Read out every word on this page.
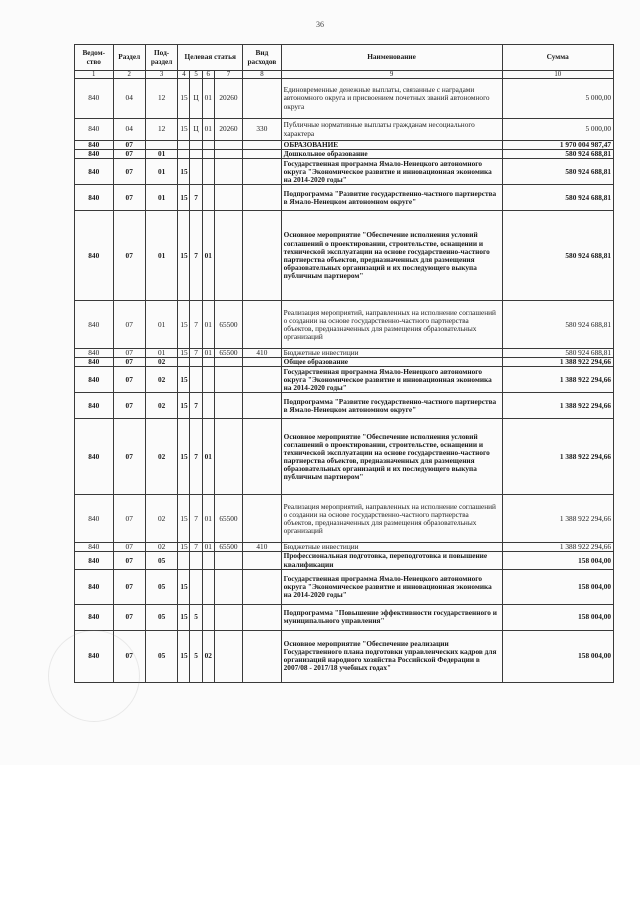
36
Ведом-ство	Раздел	Под-раздел	Целевая статья				Вид расходов	Наименование	Сумма
1	2	3	4	5	6	7	8	9	10
840	04	12	15	Ц	01	20260		Единовременные денежные выплаты, связанные с наградами автономного округа и присвоением почетных званий автономного округа	5 000,00
840	04	12	15	Ц	01	20260	330	Публичные нормативные выплаты гражданам несоциального характера	5 000,00
840	07							ОБРАЗОВАНИЕ	1 970 004 987,47
840	07	01						Дошкольное образование	580 924 688,81
840	07	01	15					Государственная программа Ямало-Ненецкого автономного округа "Экономическое развитие и инновационная экономика на 2014-2020 годы"	580 924 688,81
840	07	01	15	7				Подпрограмма "Развитие государственно-частного партнерства в Ямало-Ненецком автономном округе"	580 924 688,81
840	07	01	15	7	01			Основное мероприятие "Обеспечение исполнения условий соглашений о проектировании, строительстве, оснащении и технической эксплуатации на основе государственно-частного партнерства объектов, предназначенных для размещения образовательных организаций и их последующего выкупа публичным партнером"	580 924 688,81
840	07	01	15	7	01	65500		Реализация мероприятий, направленных на исполнение соглашений о создании на основе государственно-частного партнерства объектов, предназначенных для размещения образовательных организаций	580 924 688,81
840	07	01	15	7	01	65500	410	Бюджетные инвестиции	580 924 688,81
840	07	02						Общее образование	1 388 922 294,66
840	07	02	15					Государственная программа Ямало-Ненецкого автономного округа "Экономическое развитие и инновационная экономика на 2014-2020 годы"	1 388 922 294,66
840	07	02	15	7				Подпрограмма "Развитие государственно-частного партнерства в Ямало-Ненецком автономном округе"	1 388 922 294,66
840	07	02	15	7	01			Основное мероприятие "Обеспечение исполнения условий соглашений о проектировании, строительстве, оснащении и технической эксплуатации на основе государственно-частного партнерства объектов, предназначенных для размещения образовательных организаций и их последующего выкупа публичным партнером"	1 388 922 294,66
840	07	02	15	7	01	65500		Реализация мероприятий, направленных на исполнение соглашений о создании на основе государственно-частного партнерства объектов, предназначенных для размещения образовательных организаций	1 388 922 294,66
840	07	02	15	7	01	65500	410	Бюджетные инвестиции	1 388 922 294,66
840	07	05						Профессиональная подготовка, переподготовка и повышение квалификации	158 004,00
840	07	05	15					Государственная программа Ямало-Ненецкого автономного округа "Экономическое развитие и инновационная экономика на 2014-2020 годы"	158 004,00
840	07	05	15	5				Подпрограмма "Повышение эффективности государственного и муниципального управления"	158 004,00
840	07	05	15	5	02			Основное мероприятие "Обеспечение реализации Государственного плана подготовки управленческих кадров для организаций народного хозяйства Российской Федерации в 2007/08 - 2017/18 учебных годах"	158 004,00
